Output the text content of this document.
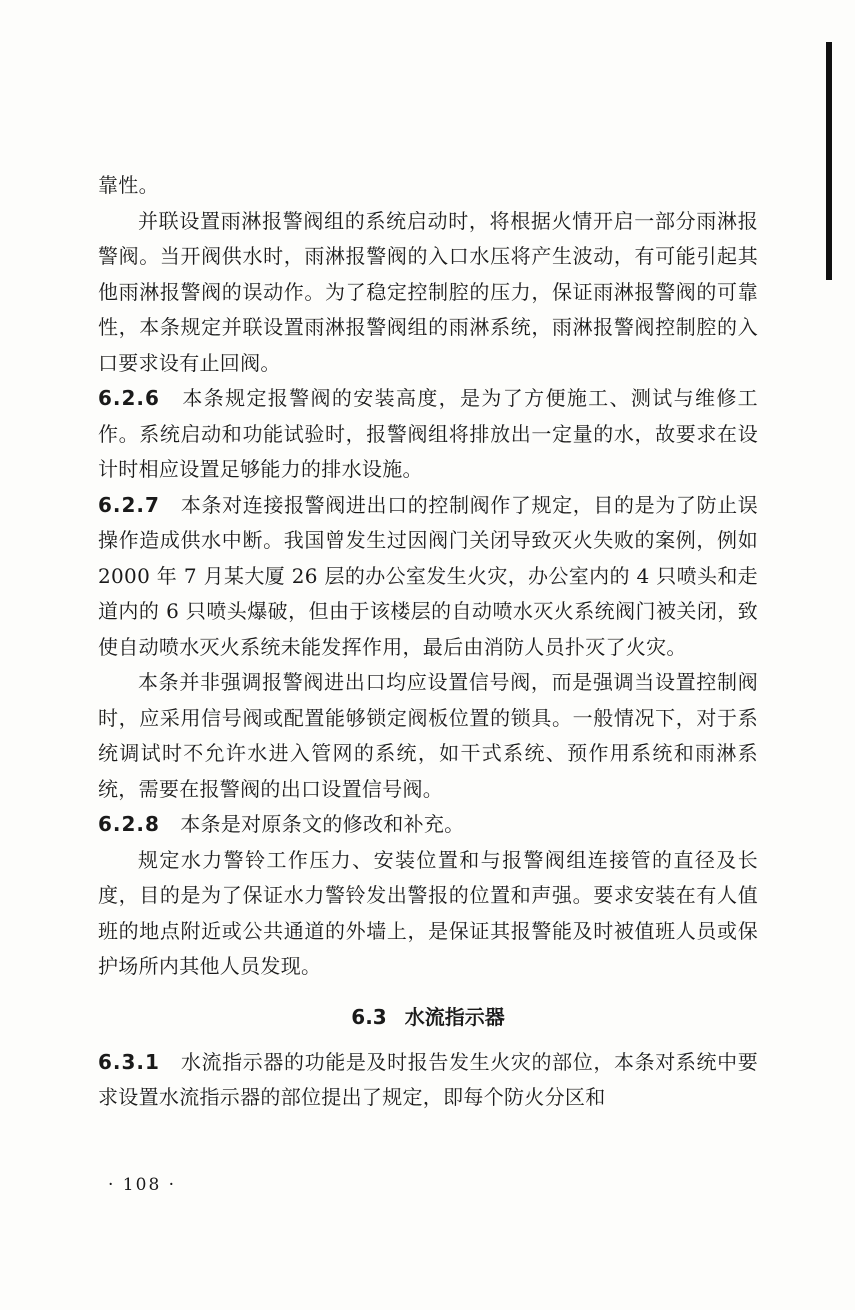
靠性。

并联设置雨淋报警阀组的系统启动时，将根据火情开启一部分雨淋报警阀。当开阀供水时，雨淋报警阀的入口水压将产生波动，有可能引起其他雨淋报警阀的误动作。为了稳定控制腔的压力，保证雨淋报警阀的可靠性，本条规定并联设置雨淋报警阀组的雨淋系统，雨淋报警阀控制腔的入口要求设有止回阀。

6.2.6　 本条规定报警阀的安装高度，是为了方便施工、测试与维修工作。系统启动和功能试验时，报警阀组将排放出一定量的水，故要求在设计时相应设置足够能力的排水设施。

6.2.7　 本条对连接报警阀进出口的控制阀作了规定，目的是为了防止误操作造成供水中断。我国曾发生过因阀门关闭导致灭火失败的案例，例如 2000 年 7 月某大厦 26 层的办公室发生火灾，办公室内的 4 只喷头和走道内的 6 只喷头爆破，但由于该楼层的自动喷水灭火系统阀门被关闭，致使自动喷水灭火系统未能发挥作用，最后由消防人员扑灭了火灾。

本条并非强调报警阀进出口均应设置信号阀，而是强调当设置控制阀时，应采用信号阀或配置能够锁定阀板位置的锁具。一般情况下，对于系统调试时不允许水进入管网的系统，如干式系统、预作用系统和雨淋系统，需要在报警阀的出口设置信号阀。

6.2.8　 本条是对原条文的修改和补充。

规定水力警铃工作压力、安装位置和与报警阀组连接管的直径及长度，目的是为了保证水力警铃发出警报的位置和声强。要求安装在有人值班的地点附近或公共通道的外墙上，是保证其报警能及时被值班人员或保护场所内其他人员发现。

6.3 水流指示器

6.3.1　 水流指示器的功能是及时报告发生火灾的部位，本条对系统中要求设置水流指示器的部位提出了规定，即每个防火分区和

· 108 ·
